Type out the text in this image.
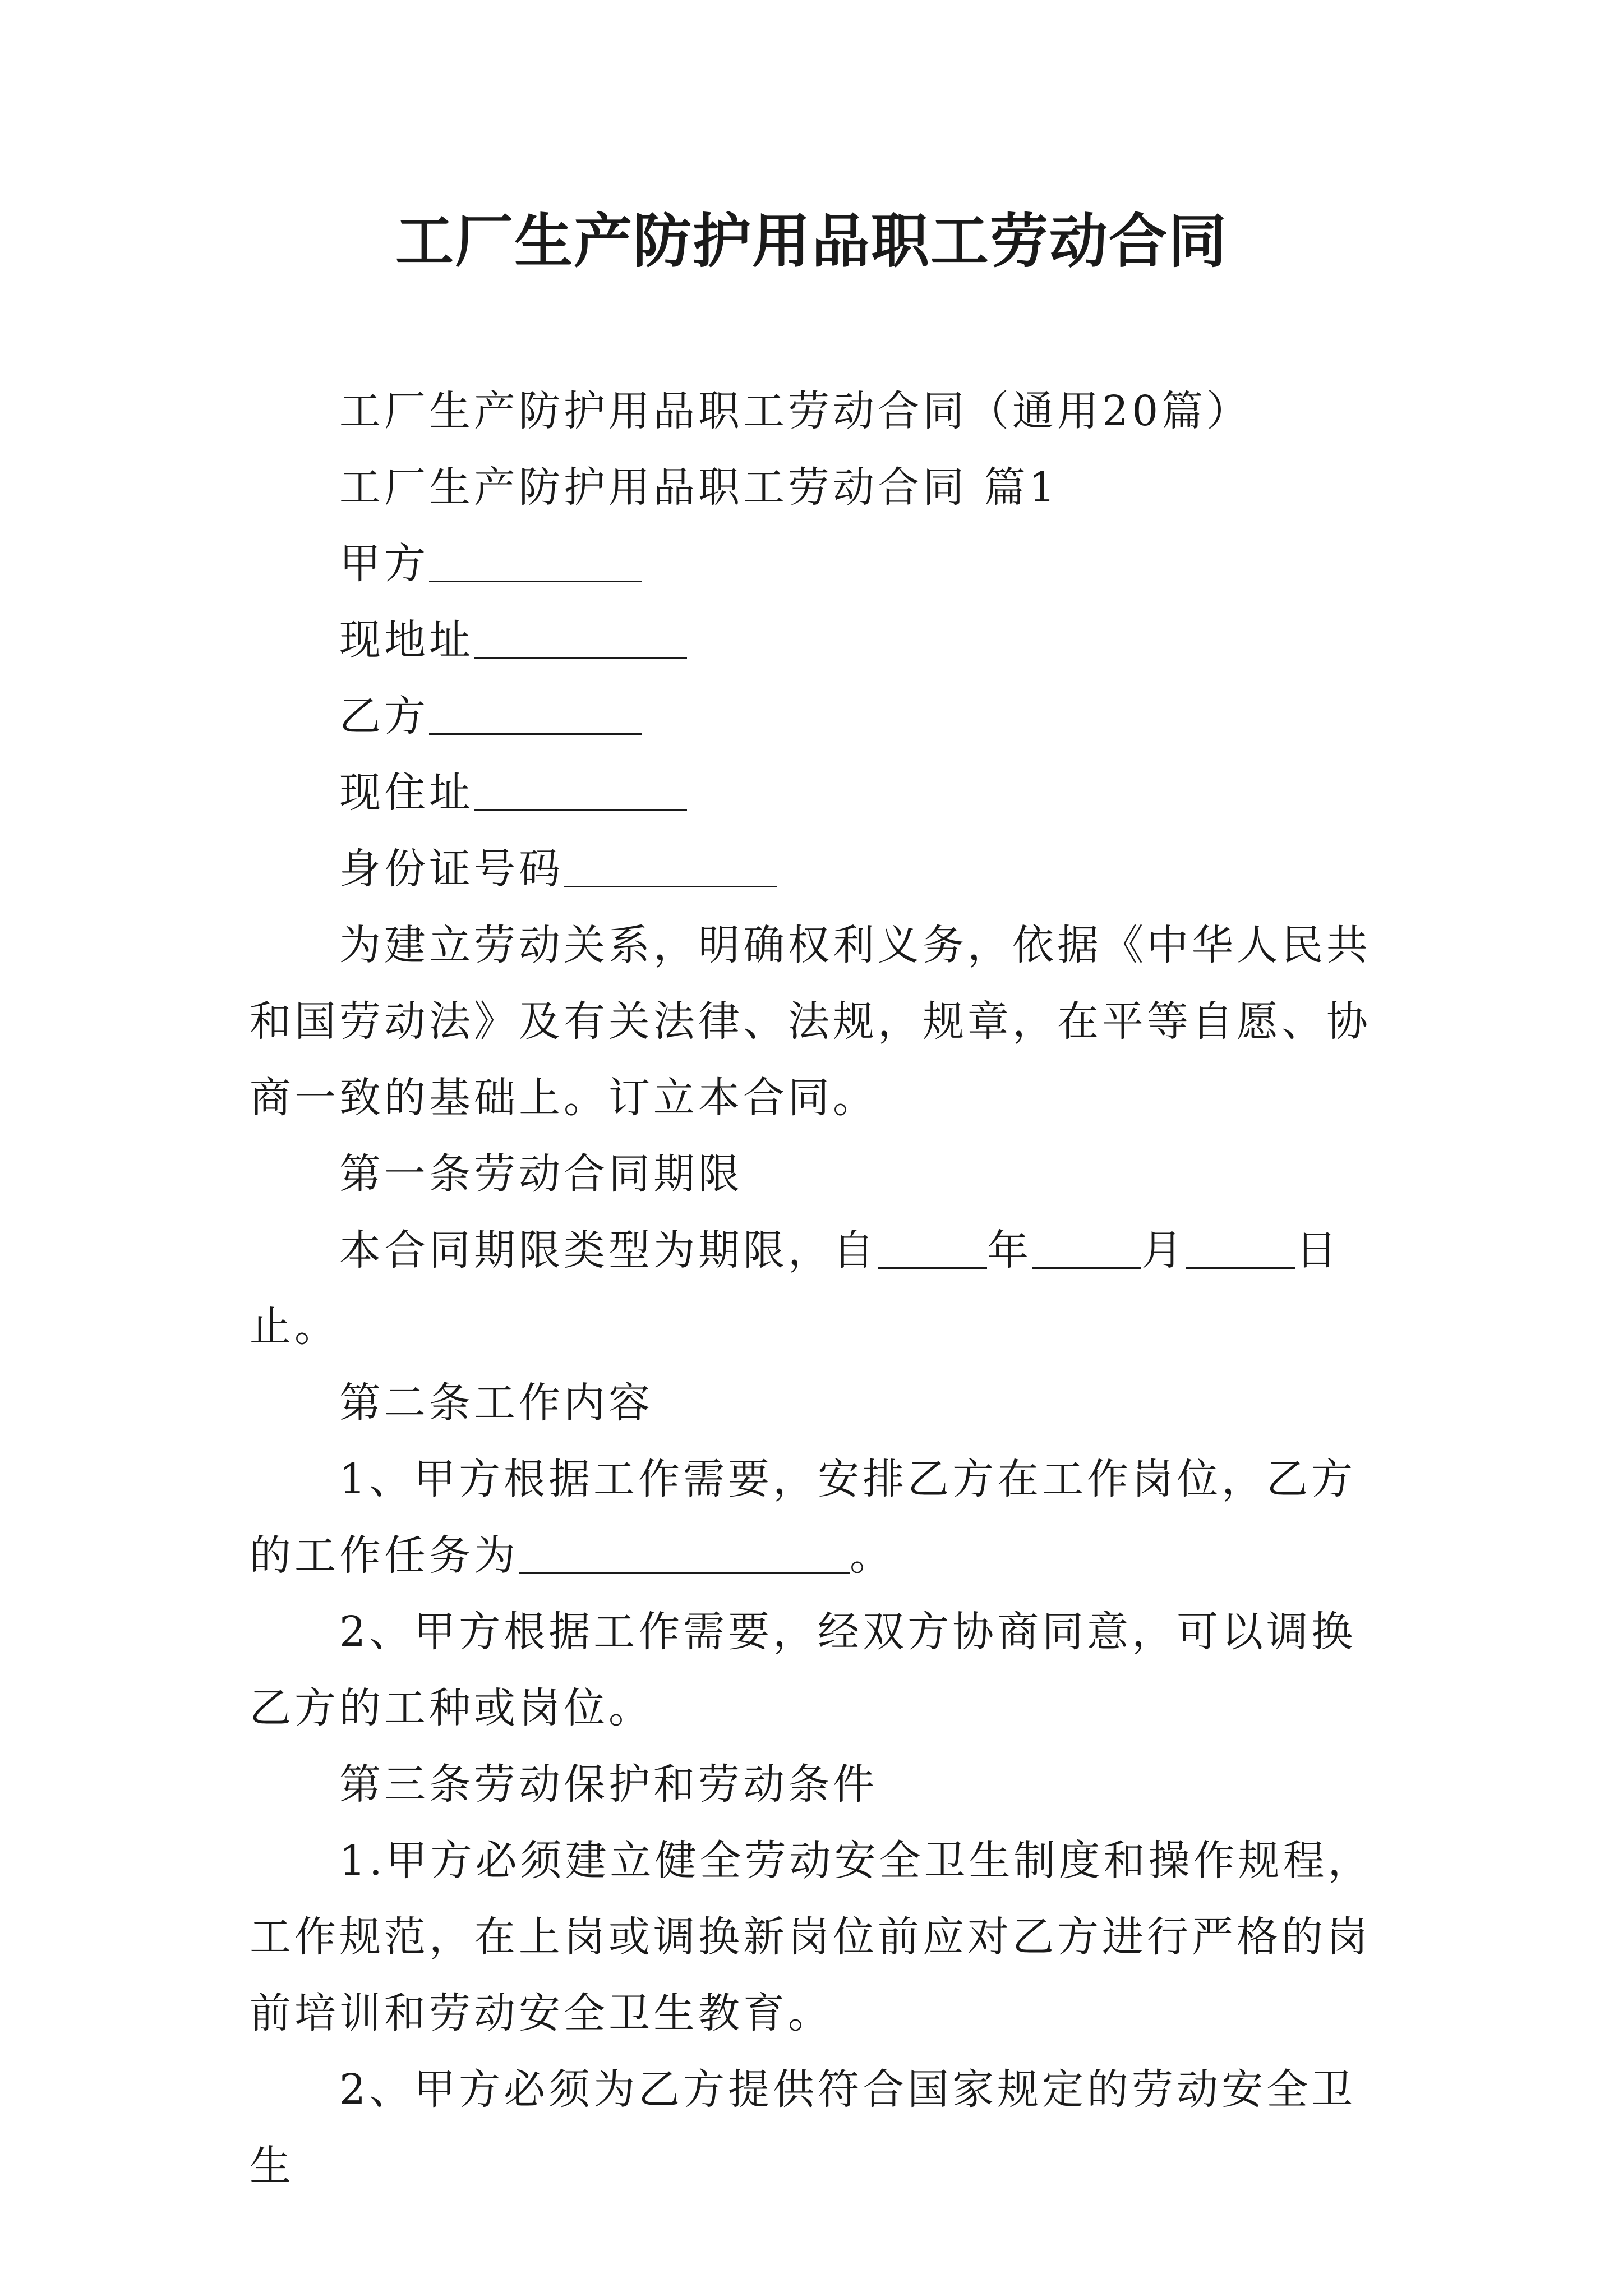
工厂生产防护用品职工劳动合同

工厂生产防护用品职工劳动合同（通用20篇）

工厂生产防护用品职工劳动合同 篇1

甲方

现地址

乙方

现住址

身份证号码

为建立劳动关系，明确权利义务，依据《中华人民共和国劳动法》及有关法律、法规，规章，在平等自愿、协商一致的基础上。订立本合同。

第一条劳动合同期限

本合同期限类型为期限，自	年	月	日止。

第二条工作内容

1、甲方根据工作需要，安排乙方在工作岗位，乙方的工作任务为	。

2、甲方根据工作需要，经双方协商同意，可以调换乙方的工种或岗位。

第三条劳动保护和劳动条件

1.甲方必须建立健全劳动安全卫生制度和操作规程，工作规范，在上岗或调换新岗位前应对乙方进行严格的岗前培训和劳动安全卫生教育。

2、甲方必须为乙方提供符合国家规定的劳动安全卫生
